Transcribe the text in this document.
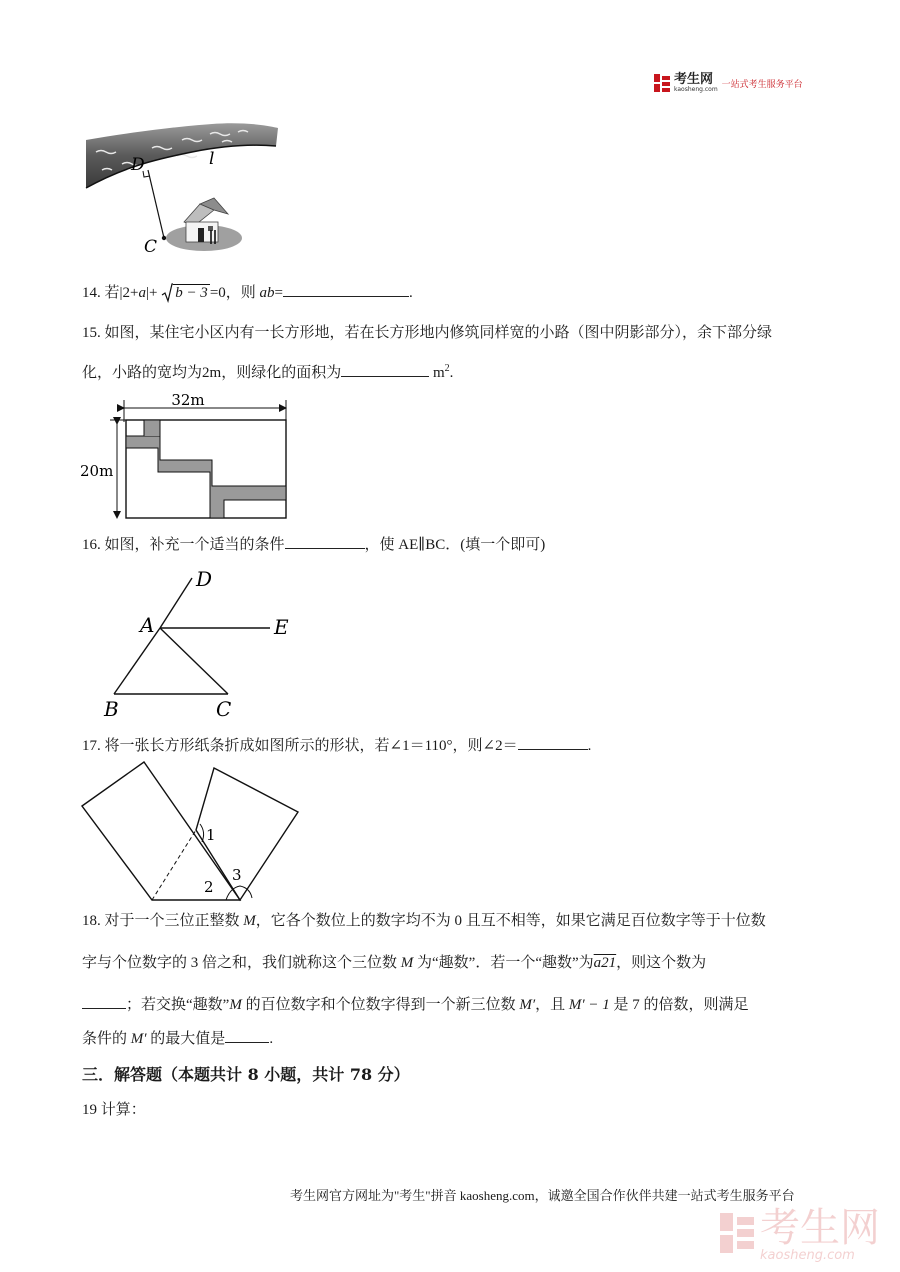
考生网
kaosheng.com 一站式考生服务平台
D	l
C
14. 若|2+a|+ b − 3 =0，则 ab=	.
15. 如图，某住宅小区内有一长方形地，若在长方形地内修筑同样宽的小路（图中阴影部分），余下部分绿
化，小路的宽均为2m，则绿化的面积为	$m^2$.
32m
20m
16. 如图，补充一个适当的条件	，使 AE∥BC．(填一个即可)
D
A	E
B	C
17. 将一张长方形纸条折成如图所示的形状，若∠1＝110°，则∠2＝	.
1
2
3
18. 对于一个三位正整数 M，它各个数位上的数字均不为 0 且互不相等，如果它满足百位数字等于十位数
字与个位数字的 3 倍之和，我们就称这个三位数 M 为“趣数”．若一个“趣数”为a21，则这个数为
；若交换“趣数”M 的百位数字和个位数字得到一个新三位数 M′，且 M′ − 1 是 7 的倍数，则满足
条件的 M′ 的最大值是	.
三．解答题（本题共计 8 小题，共计 78 分）
19 计算：
考生网官方网址为"考生"拼音 kaosheng.com，诚邀全国合作伙伴共建一站式考生服务平台
考生网
kaosheng.com
